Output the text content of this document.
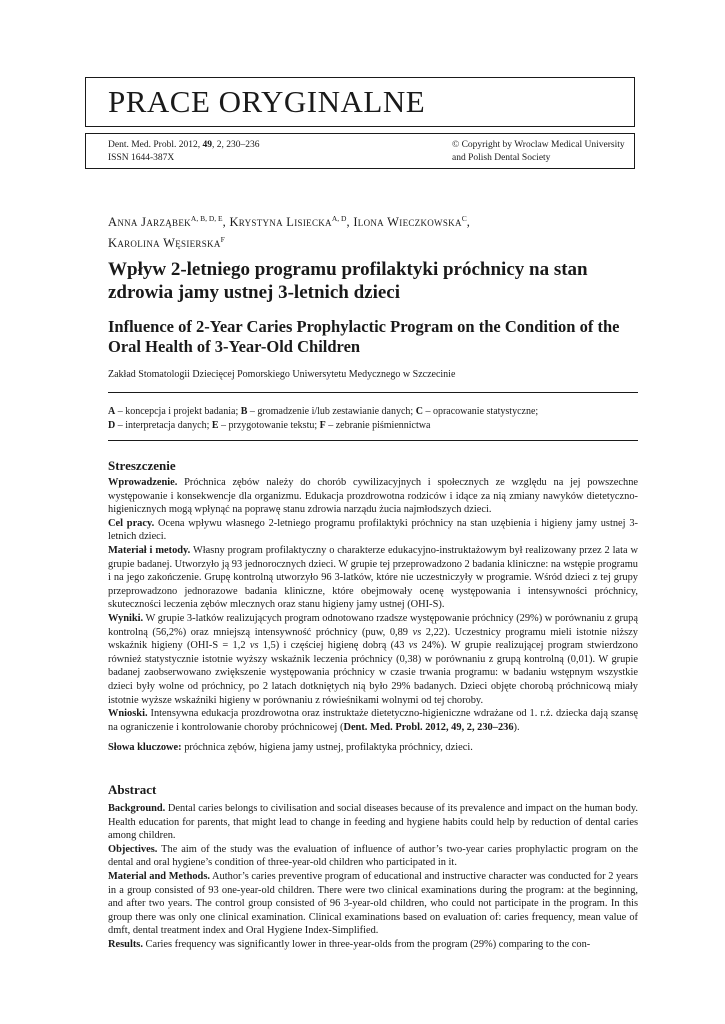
PRACE ORYGINALNE
Dent. Med. Probl. 2012, 49, 2, 230–236
ISSN 1644-387X
© Copyright by Wroclaw Medical University
and Polish Dental Society
Anna Jarząbek$^{A, B, D, E}$, Krystyna Lisiecka$^{A, D}$, Ilona Wieczkowska$^C$,
Karolina Węsierska$^F$
Wpływ 2-letniego programu profilaktyki próchnicy na stan zdrowia jamy ustnej 3-letnich dzieci
Influence of 2-Year Caries Prophylactic Program on the Condition of the Oral Health of 3-Year-Old Children
Zakład Stomatologii Dziecięcej Pomorskiego Uniwersytetu Medycznego w Szczecinie
A – koncepcja i projekt badania; B – gromadzenie i/lub zestawianie danych; C – opracowanie statystyczne;
D – interpretacja danych; E – przygotowanie tekstu; F – zebranie piśmiennictwa
Streszczenie

Wprowadzenie. Próchnica zębów należy do chorób cywilizacyjnych i społecznych ze względu na jej powszechne występowanie i konsekwencje dla organizmu. Edukacja prozdrowotna rodziców i idące za nią zmiany nawyków dietetyczno-higienicznych mogą wpłynąć na poprawę stanu zdrowia narządu żucia najmłodszych dzieci.

Cel pracy. Ocena wpływu własnego 2-letniego programu profilaktyki próchnicy na stan uzębienia i higieny jamy ustnej 3-letnich dzieci.

Materiał i metody. Własny program profilaktyczny o charakterze edukacyjno-instruktażowym był realizowany przez 2 lata w grupie badanej. Utworzyło ją 93 jednorocznych dzieci. W grupie tej przeprowadzono 2 badania kliniczne: na wstępie programu i na jego zakończenie. Grupę kontrolną utworzyło 96 3-latków, które nie uczestniczyły w programie. Wśród dzieci z tej grupy przeprowadzono jednorazowe badania kliniczne, które obejmowały ocenę występowania i intensywności próchnicy, skuteczności leczenia zębów mlecznych oraz stanu higieny jamy ustnej (OHI-S).

Wyniki. W grupie 3-latków realizujących program odnotowano rzadsze występowanie próchnicy (29%) w porównaniu z grupą kontrolną (56,2%) oraz mniejszą intensywność próchnicy (puw, 0,89 vs 2,22). Uczestnicy programu mieli istotnie niższy wskaźnik higieny (OHI-S = 1,2 vs 1,5) i częściej higienę dobrą (43 vs 24%). W grupie realizującej program stwierdzono również statystycznie istotnie wyższy wskaźnik leczenia próchnicy (0,38) w porównaniu z grupą kontrolną (0,01). W grupie badanej zaobserwowano zwiększenie występowania próchnicy w czasie trwania programu: w badaniu wstępnym wszystkie dzieci były wolne od próchnicy, po 2 latach dotkniętych nią było 29% badanych. Dzieci objęte chorobą próchnicową miały istotnie wyższe wskaźniki higieny w porównaniu z rówieśnikami wolnymi od tej choroby.

Wnioski. Intensywna edukacja prozdrowotna oraz instruktaże dietetyczno-higieniczne wdrażane od 1. r.ż. dziecka dają szansę na ograniczenie i kontrolowanie choroby próchnicowej (Dent. Med. Probl. 2012, 49, 2, 230–236).

Słowa kluczowe: próchnica zębów, higiena jamy ustnej, profilaktyka próchnicy, dzieci.

Abstract

Background. Dental caries belongs to civilisation and social diseases because of its prevalence and impact on the human body. Health education for parents, that might lead to change in feeding and hygiene habits could help by reduction of dental caries among children.

Objectives. The aim of the study was the evaluation of influence of author’s two-year caries prophylactic program on the dental and oral hygiene’s condition of three-year-old children who participated in it.

Material and Methods. Author’s caries preventive program of educational and instructive character was conducted for 2 years in a group consisted of 93 one-year-old children. There were two clinical examinations during the program: at the beginning, and after two years. The control group consisted of 96 3-year-old children, who could not participate in the program. In this group there was only one clinical examination. Clinical examinations based on evaluation of: caries frequency, mean value of dmft, dental treatment index and Oral Hygiene Index-Simplified.

Results. Caries frequency was significantly lower in three-year-olds from the program (29%) comparing to the con-
